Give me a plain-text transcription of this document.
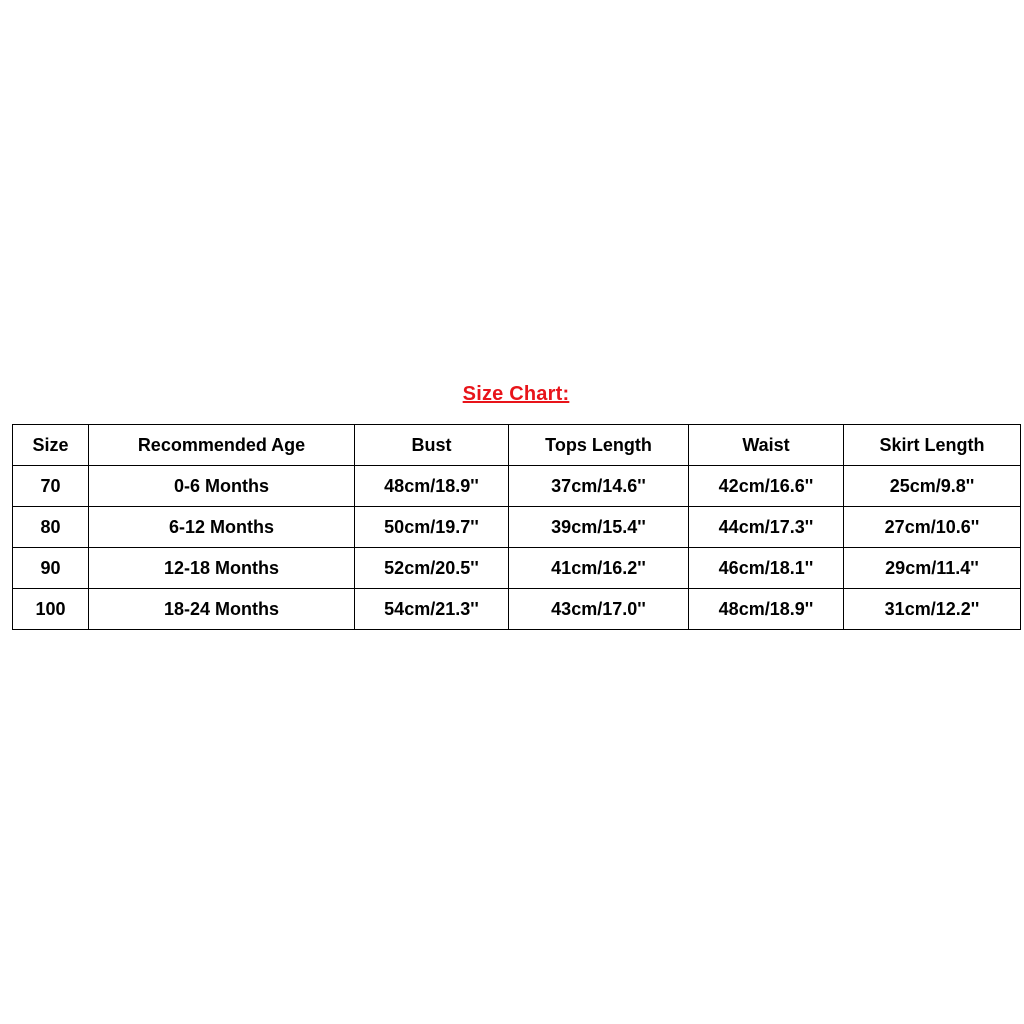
Size Chart:
Size	Recommended Age	Bust	Tops Length	Waist	Skirt Length
70	0-6 Months	48cm/18.9''	37cm/14.6''	42cm/16.6''	25cm/9.8''
80	6-12 Months	50cm/19.7''	39cm/15.4''	44cm/17.3''	27cm/10.6''
90	12-18 Months	52cm/20.5''	41cm/16.2''	46cm/18.1''	29cm/11.4''
100	18-24 Months	54cm/21.3''	43cm/17.0''	48cm/18.9''	31cm/12.2''
